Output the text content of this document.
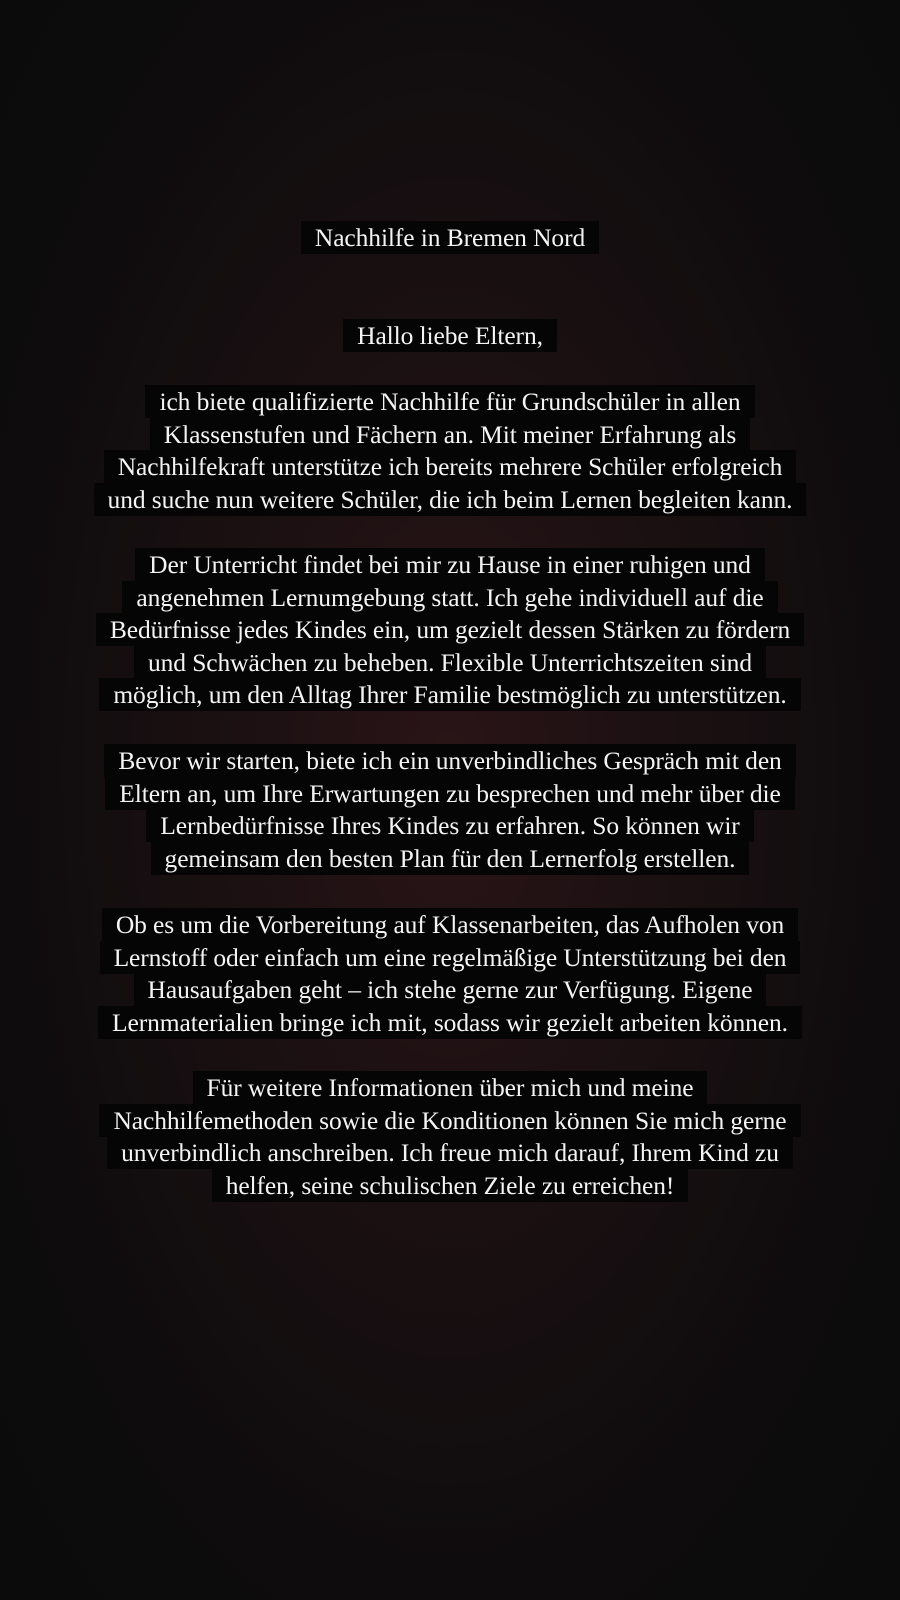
Nachhilfe in Bremen Nord
Hallo liebe Eltern,
ich biete qualifizierte Nachhilfe für Grundschüler in allen
Klassenstufen und Fächern an. Mit meiner Erfahrung als
Nachhilfekraft unterstütze ich bereits mehrere Schüler erfolgreich
und suche nun weitere Schüler, die ich beim Lernen begleiten kann.
Der Unterricht findet bei mir zu Hause in einer ruhigen und
angenehmen Lernumgebung statt. Ich gehe individuell auf die
Bedürfnisse jedes Kindes ein, um gezielt dessen Stärken zu fördern
und Schwächen zu beheben. Flexible Unterrichtszeiten sind
möglich, um den Alltag Ihrer Familie bestmöglich zu unterstützen.
Bevor wir starten, biete ich ein unverbindliches Gespräch mit den
Eltern an, um Ihre Erwartungen zu besprechen und mehr über die
Lernbedürfnisse Ihres Kindes zu erfahren. So können wir
gemeinsam den besten Plan für den Lernerfolg erstellen.
Ob es um die Vorbereitung auf Klassenarbeiten, das Aufholen von
Lernstoff oder einfach um eine regelmäßige Unterstützung bei den
Hausaufgaben geht – ich stehe gerne zur Verfügung. Eigene
Lernmaterialien bringe ich mit, sodass wir gezielt arbeiten können.
Für weitere Informationen über mich und meine
Nachhilfemethoden sowie die Konditionen können Sie mich gerne
unverbindlich anschreiben. Ich freue mich darauf, Ihrem Kind zu
helfen, seine schulischen Ziele zu erreichen!
